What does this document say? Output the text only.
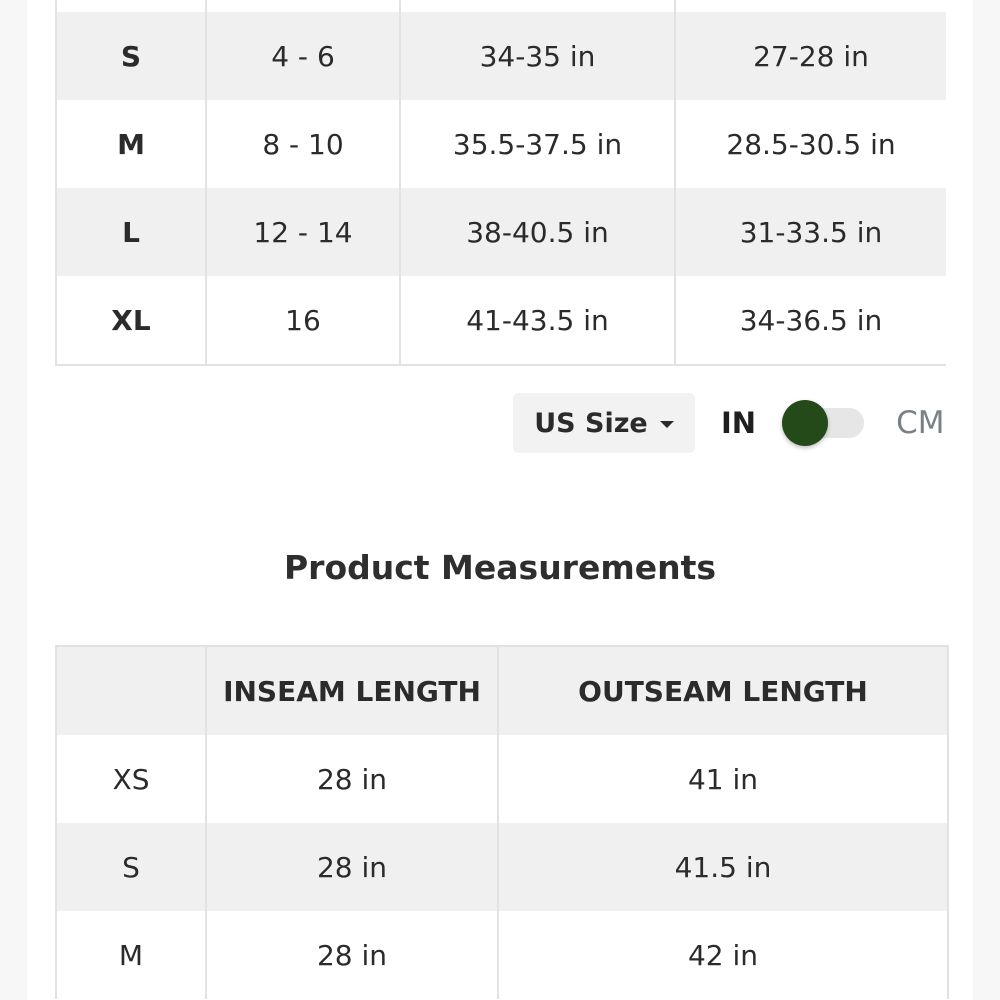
S	4 - 6	34-35 in	27-28 in
M	8 - 10	35.5-37.5 in	28.5-30.5 in
L	12 - 14	38-40.5 in	31-33.5 in
XL	16	41-43.5 in	34-36.5 in
US Size	IN	CM
Product Measurements
	INSEAM LENGTH	OUTSEAM LENGTH
XS	28 in	41 in
S	28 in	41.5 in
M	28 in	42 in
